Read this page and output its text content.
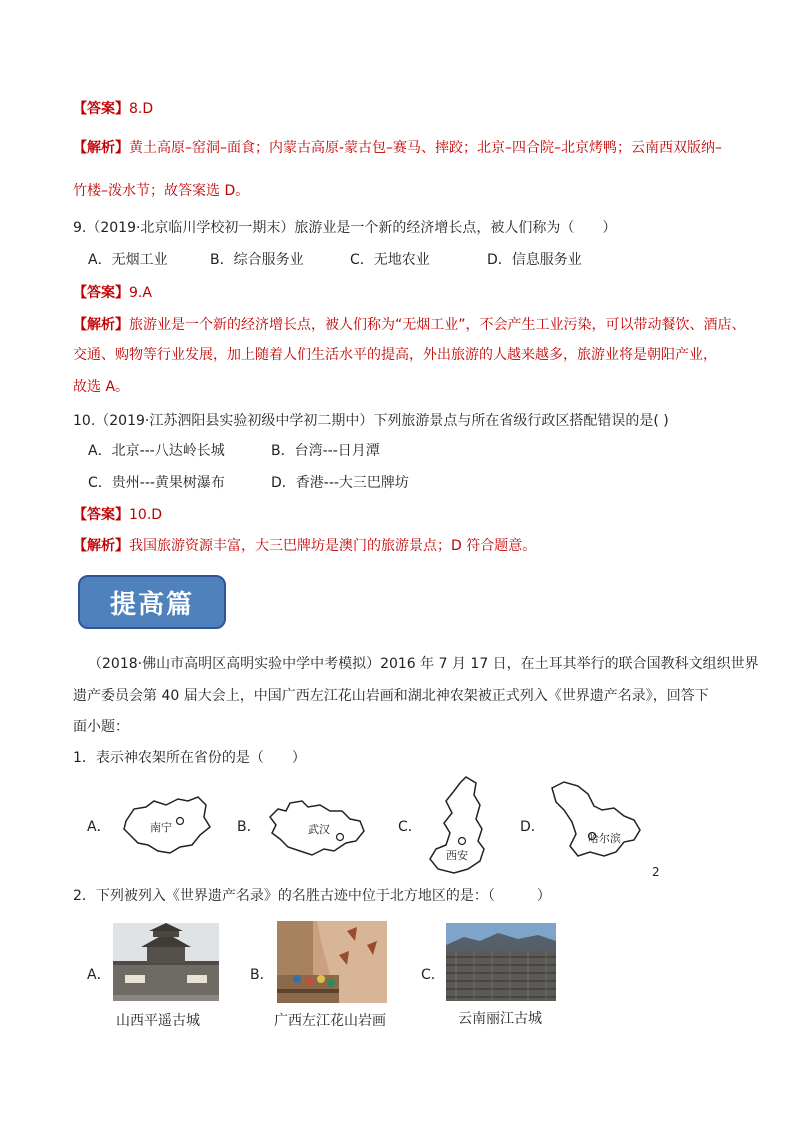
【答案】8.D
【解析】黄土高原–窑洞–面食；内蒙古高原-蒙古包–赛马、摔跤；北京–四合院–北京烤鸭；云南西双版纳–
竹楼–泼水节；故答案选 D。
9.（2019·北京临川学校初一期末）旅游业是一个新的经济增长点，被人们称为（　　）
A．无烟工业	B．综合服务业	C．无地农业	D．信息服务业
【答案】9.A
【解析】旅游业是一个新的经济增长点，被人们称为“无烟工业”，不会产生工业污染，可以带动餐饮、酒店、
交通、购物等行业发展，加上随着人们生活水平的提高，外出旅游的人越来越多，旅游业将是朝阳产业，
故选 A。
10.（2019·江苏泗阳县实验初级中学初二期中）下列旅游景点与所在省级行政区搭配错误的是( )
A．北京---八达岭长城	B．台湾---日月潭
C．贵州---黄果树瀑布	D．香港---大三巴牌坊
【答案】10.D
【解析】我国旅游资源丰富，大三巴牌坊是澳门的旅游景点；D 符合题意。
提高篇
（2018·佛山市高明区高明实验中学中考模拟）2016 年 7 月 17 日，在土耳其举行的联合国教科文组织世界
遗产委员会第 40 届大会上，中国广西左江花山岩画和湖北神农架被正式列入《世界遗产名录》，回答下
面小题：
1．表示神农架所在省份的是（　　）
A．	南宁	B．	武汉	C．
西安
D．
哈尔滨
2
2．下列被列入《世界遗产名录》的名胜古迹中位于北方地区的是：（　　　）
A．
山西平遥古城
B．
广西左江花山岩画
C．
云南丽江古城
